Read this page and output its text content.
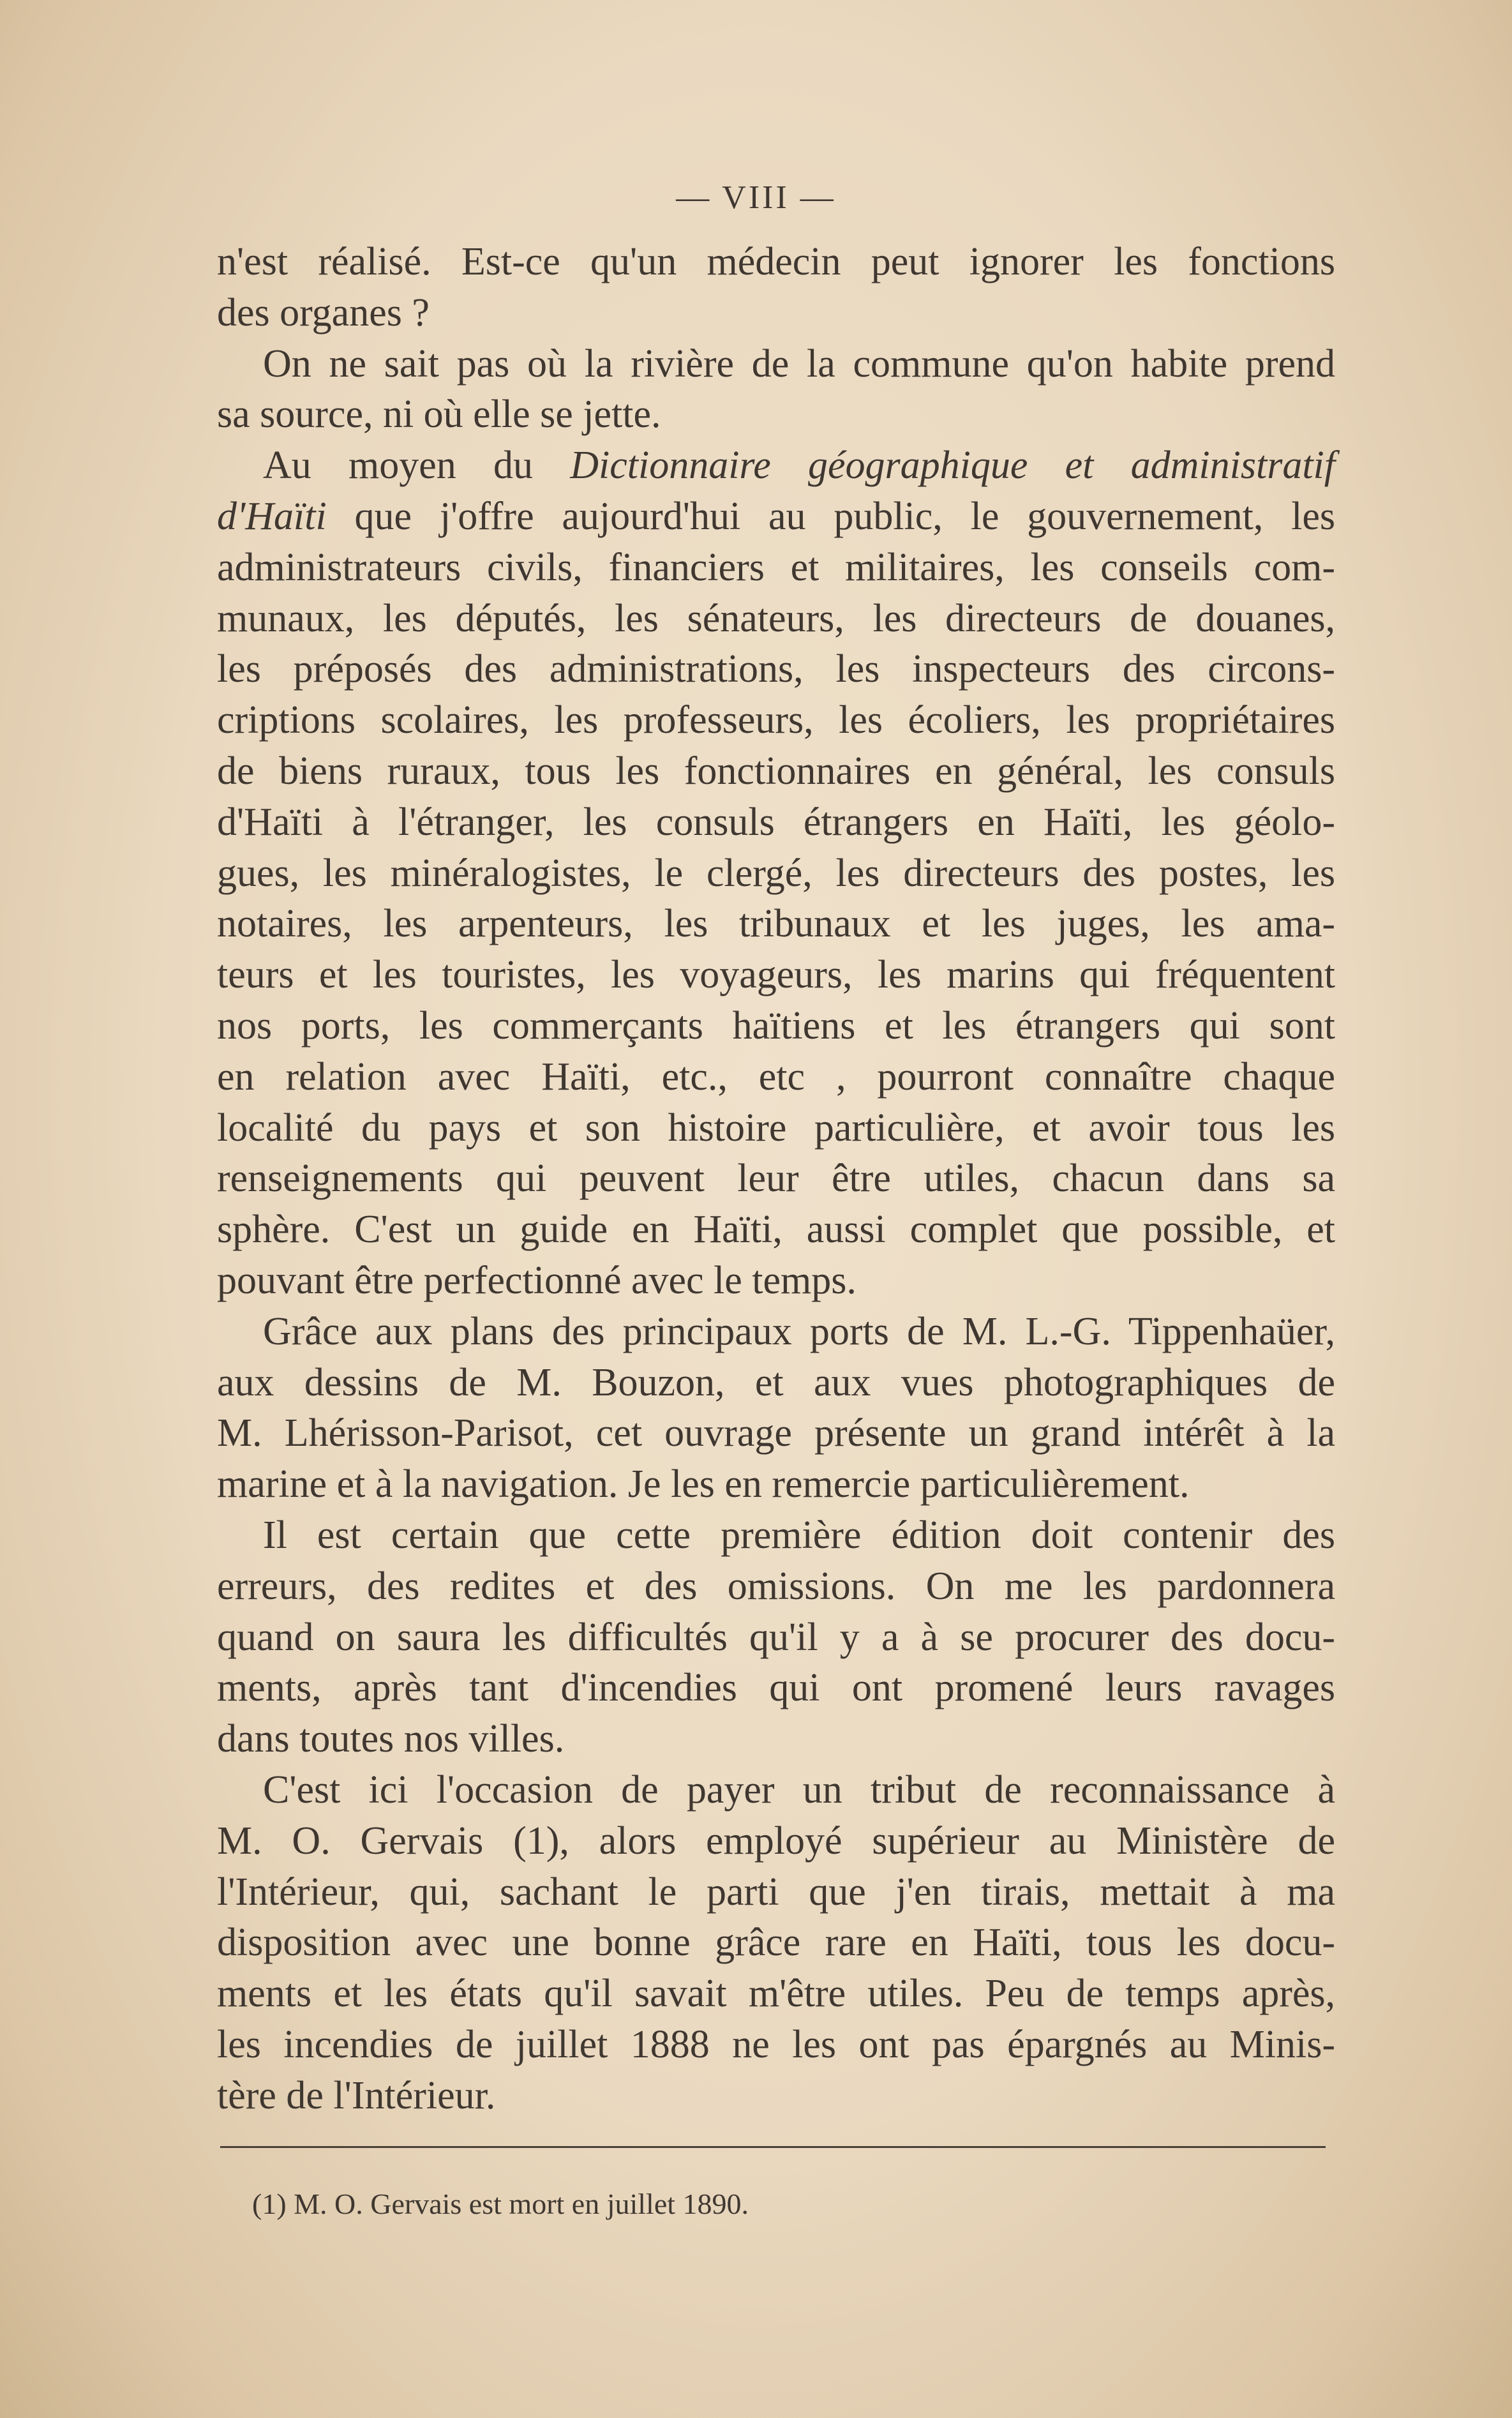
— VIII —
n'est réalisé. Est-ce qu'un médecin peut ignorer les fonctions
des organes ?
On ne sait pas où la rivière de la commune qu'on habite prend
sa source, ni où elle se jette.
Au moyen du Dictionnaire géographique et administratif
d'Haïti que j'offre aujourd'hui au public, le gouvernement, les
administrateurs civils, financiers et militaires, les conseils com-
munaux, les députés, les sénateurs, les directeurs de douanes,
les préposés des administrations, les inspecteurs des circons-
criptions scolaires, les professeurs, les écoliers, les propriétaires
de biens ruraux, tous les fonctionnaires en général, les consuls
d'Haïti à l'étranger, les consuls étrangers en Haïti, les géolo-
gues, les minéralogistes, le clergé, les directeurs des postes, les
notaires, les arpenteurs, les tribunaux et les juges, les ama-
teurs et les touristes, les voyageurs, les marins qui fréquentent
nos ports, les commerçants haïtiens et les étrangers qui sont
en relation avec Haïti, etc., etc , pourront connaître chaque
localité du pays et son histoire particulière, et avoir tous les
renseignements qui peuvent leur être utiles, chacun dans sa
sphère. C'est un guide en Haïti, aussi complet que possible, et
pouvant être perfectionné avec le temps.
Grâce aux plans des principaux ports de M. L.-G. Tippenhaüer,
aux dessins de M. Bouzon, et aux vues photographiques de
M. Lhérisson-Parisot, cet ouvrage présente un grand intérêt à la
marine et à la navigation. Je les en remercie particulièrement.
Il est certain que cette première édition doit contenir des
erreurs, des redites et des omissions. On me les pardonnera
quand on saura les difficultés qu'il y a à se procurer des docu-
ments, après tant d'incendies qui ont promené leurs ravages
dans toutes nos villes.
C'est ici l'occasion de payer un tribut de reconnaissance à
M. O. Gervais (1), alors employé supérieur au Ministère de
l'Intérieur, qui, sachant le parti que j'en tirais, mettait à ma
disposition avec une bonne grâce rare en Haïti, tous les docu-
ments et les états qu'il savait m'être utiles. Peu de temps après,
les incendies de juillet 1888 ne les ont pas épargnés au Minis-
tère de l'Intérieur.
(1) M. O. Gervais est mort en juillet 1890.
